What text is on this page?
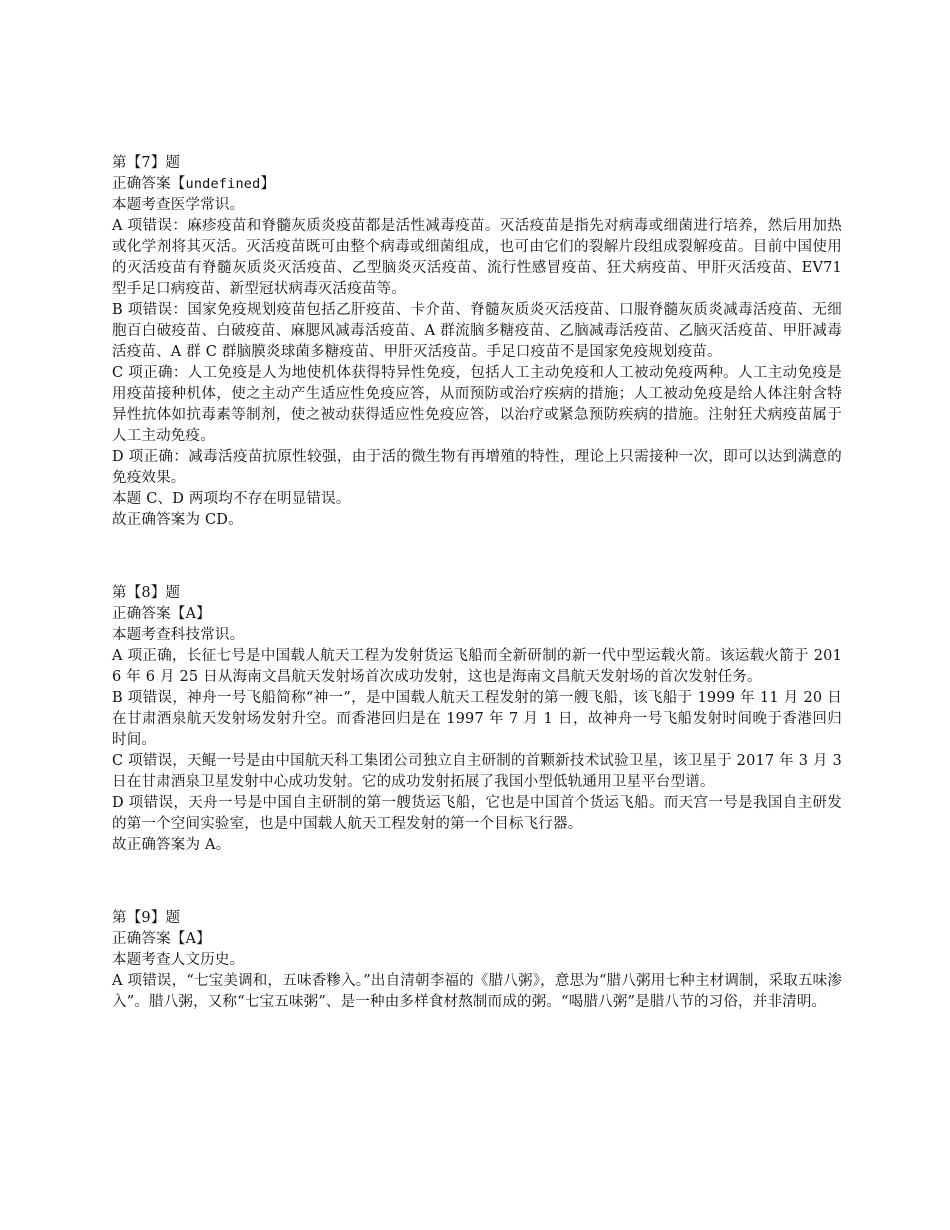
第【7】题
正确答案【undefined】
本题考查医学常识。
A 项错误：麻疹疫苗和脊髓灰质炎疫苗都是活性减毒疫苗。灭活疫苗是指先对病毒或细菌进行培养，然后用加热或化学剂将其灭活。灭活疫苗既可由整个病毒或细菌组成，也可由它们的裂解片段组成裂解疫苗。目前中国使用的灭活疫苗有脊髓灰质炎灭活疫苗、乙型脑炎灭活疫苗、流行性感冒疫苗、狂犬病疫苗、甲肝灭活疫苗、EV71 型手足口病疫苗、新型冠状病毒灭活疫苗等。
B 项错误：国家免疫规划疫苗包括乙肝疫苗、卡介苗、脊髓灰质炎灭活疫苗、口服脊髓灰质炎减毒活疫苗、无细胞百白破疫苗、白破疫苗、麻腮风减毒活疫苗、A 群流脑多糖疫苗、乙脑减毒活疫苗、乙脑灭活疫苗、甲肝减毒活疫苗、A 群 C 群脑膜炎球菌多糖疫苗、甲肝灭活疫苗。手足口疫苗不是国家免疫规划疫苗。
C 项正确：人工免疫是人为地使机体获得特异性免疫，包括人工主动免疫和人工被动免疫两种。人工主动免疫是用疫苗接种机体，使之主动产生适应性免疫应答，从而预防或治疗疾病的措施；人工被动免疫是给人体注射含特异性抗体如抗毒素等制剂，使之被动获得适应性免疫应答，以治疗或紧急预防疾病的措施。注射狂犬病疫苗属于人工主动免疫。
D 项正确：减毒活疫苗抗原性较强，由于活的微生物有再增殖的特性，理论上只需接种一次，即可以达到满意的免疫效果。
本题 C、D 两项均不存在明显错误。
故正确答案为 CD。
第【8】题
正确答案【A】
本题考查科技常识。
A 项正确，长征七号是中国载人航天工程为发射货运飞船而全新研制的新一代中型运载火箭。该运载火箭于 2016 年 6 月 25 日从海南文昌航天发射场首次成功发射，这也是海南文昌航天发射场的首次发射任务。
B 项错误，神舟一号飞船简称“神一”，是中国载人航天工程发射的第一艘飞船，该飞船于 1999 年 11 月 20 日在甘肃酒泉航天发射场发射升空。而香港回归是在 1997 年 7 月 1 日，故神舟一号飞船发射时间晚于香港回归时间。
C 项错误，天鲲一号是由中国航天科工集团公司独立自主研制的首颗新技术试验卫星，该卫星于 2017 年 3 月 3 日在甘肃酒泉卫星发射中心成功发射。它的成功发射拓展了我国小型低轨通用卫星平台型谱。
D 项错误，天舟一号是中国自主研制的第一艘货运飞船，它也是中国首个货运飞船。而天宫一号是我国自主研发的第一个空间实验室，也是中国载人航天工程发射的第一个目标飞行器。
故正确答案为 A。
第【9】题
正确答案【A】
本题考查人文历史。
A 项错误，“七宝美调和，五味香糁入。”出自清朝李福的《腊八粥》，意思为“腊八粥用七种主材调制，采取五味渗入”。腊八粥，又称“七宝五味粥”、是一种由多样食材熬制而成的粥。“喝腊八粥”是腊八节的习俗，并非清明。
